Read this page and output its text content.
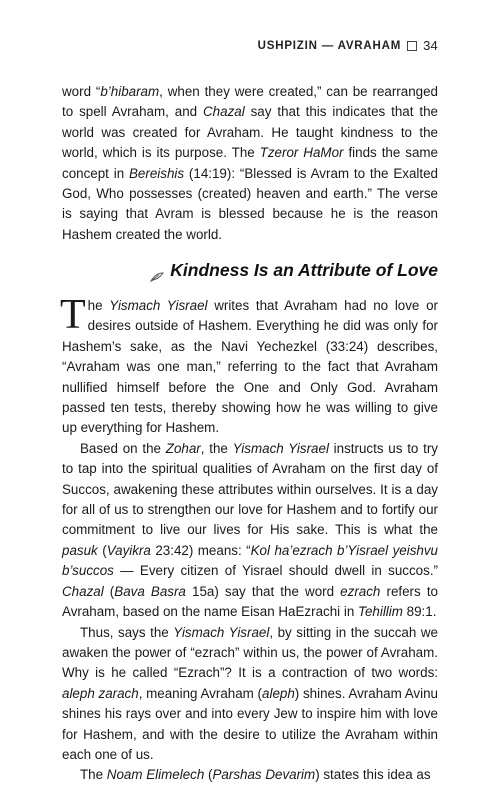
USHPIZIN — AVRAHAM 34

word “b’hibaram, when they were created,” can be rearranged to spell Avraham, and Chazal say that this indicates that the world was created for Avraham. He taught kindness to the world, which is its purpose. The Tzeror HaMor finds the same concept in Bereishis (14:19): “Blessed is Avram to the Exalted God, Who possesses (created) heaven and earth.” The verse is saying that Avram is blessed because he is the reason Hashem created the world.

Kindness Is an Attribute of Love

The Yismach Yisrael writes that Avraham had no love or desires outside of Hashem. Everything he did was only for Hashem’s sake, as the Navi Yechezkel (33:24) describes, “Avraham was one man,” referring to the fact that Avraham nullified himself before the One and Only God. Avraham passed ten tests, thereby showing how he was willing to give up everything for Hashem.

Based on the Zohar, the Yismach Yisrael instructs us to try to tap into the spiritual qualities of Avraham on the first day of Succos, awakening these attributes within ourselves. It is a day for all of us to strengthen our love for Hashem and to fortify our commitment to live our lives for His sake. This is what the pasuk (Vayikra 23:42) means: “Kol ha’ezrach b’Yisrael yeishvu b’succos — Every citizen of Yisrael should dwell in succos.” Chazal (Bava Basra 15a) say that the word ezrach refers to Avraham, based on the name Eisan HaEzrachi in Tehillim 89:1.

Thus, says the Yismach Yisrael, by sitting in the succah we awaken the power of “ezrach” within us, the power of Avraham. Why is he called “Ezrach”? It is a contraction of two words: aleph zarach, meaning Avraham (aleph) shines. Avraham Avinu shines his rays over and into every Jew to inspire him with love for Hashem, and with the desire to utilize the Avraham within each one of us.

The Noam Elimelech (Parshas Devarim) states this idea as
